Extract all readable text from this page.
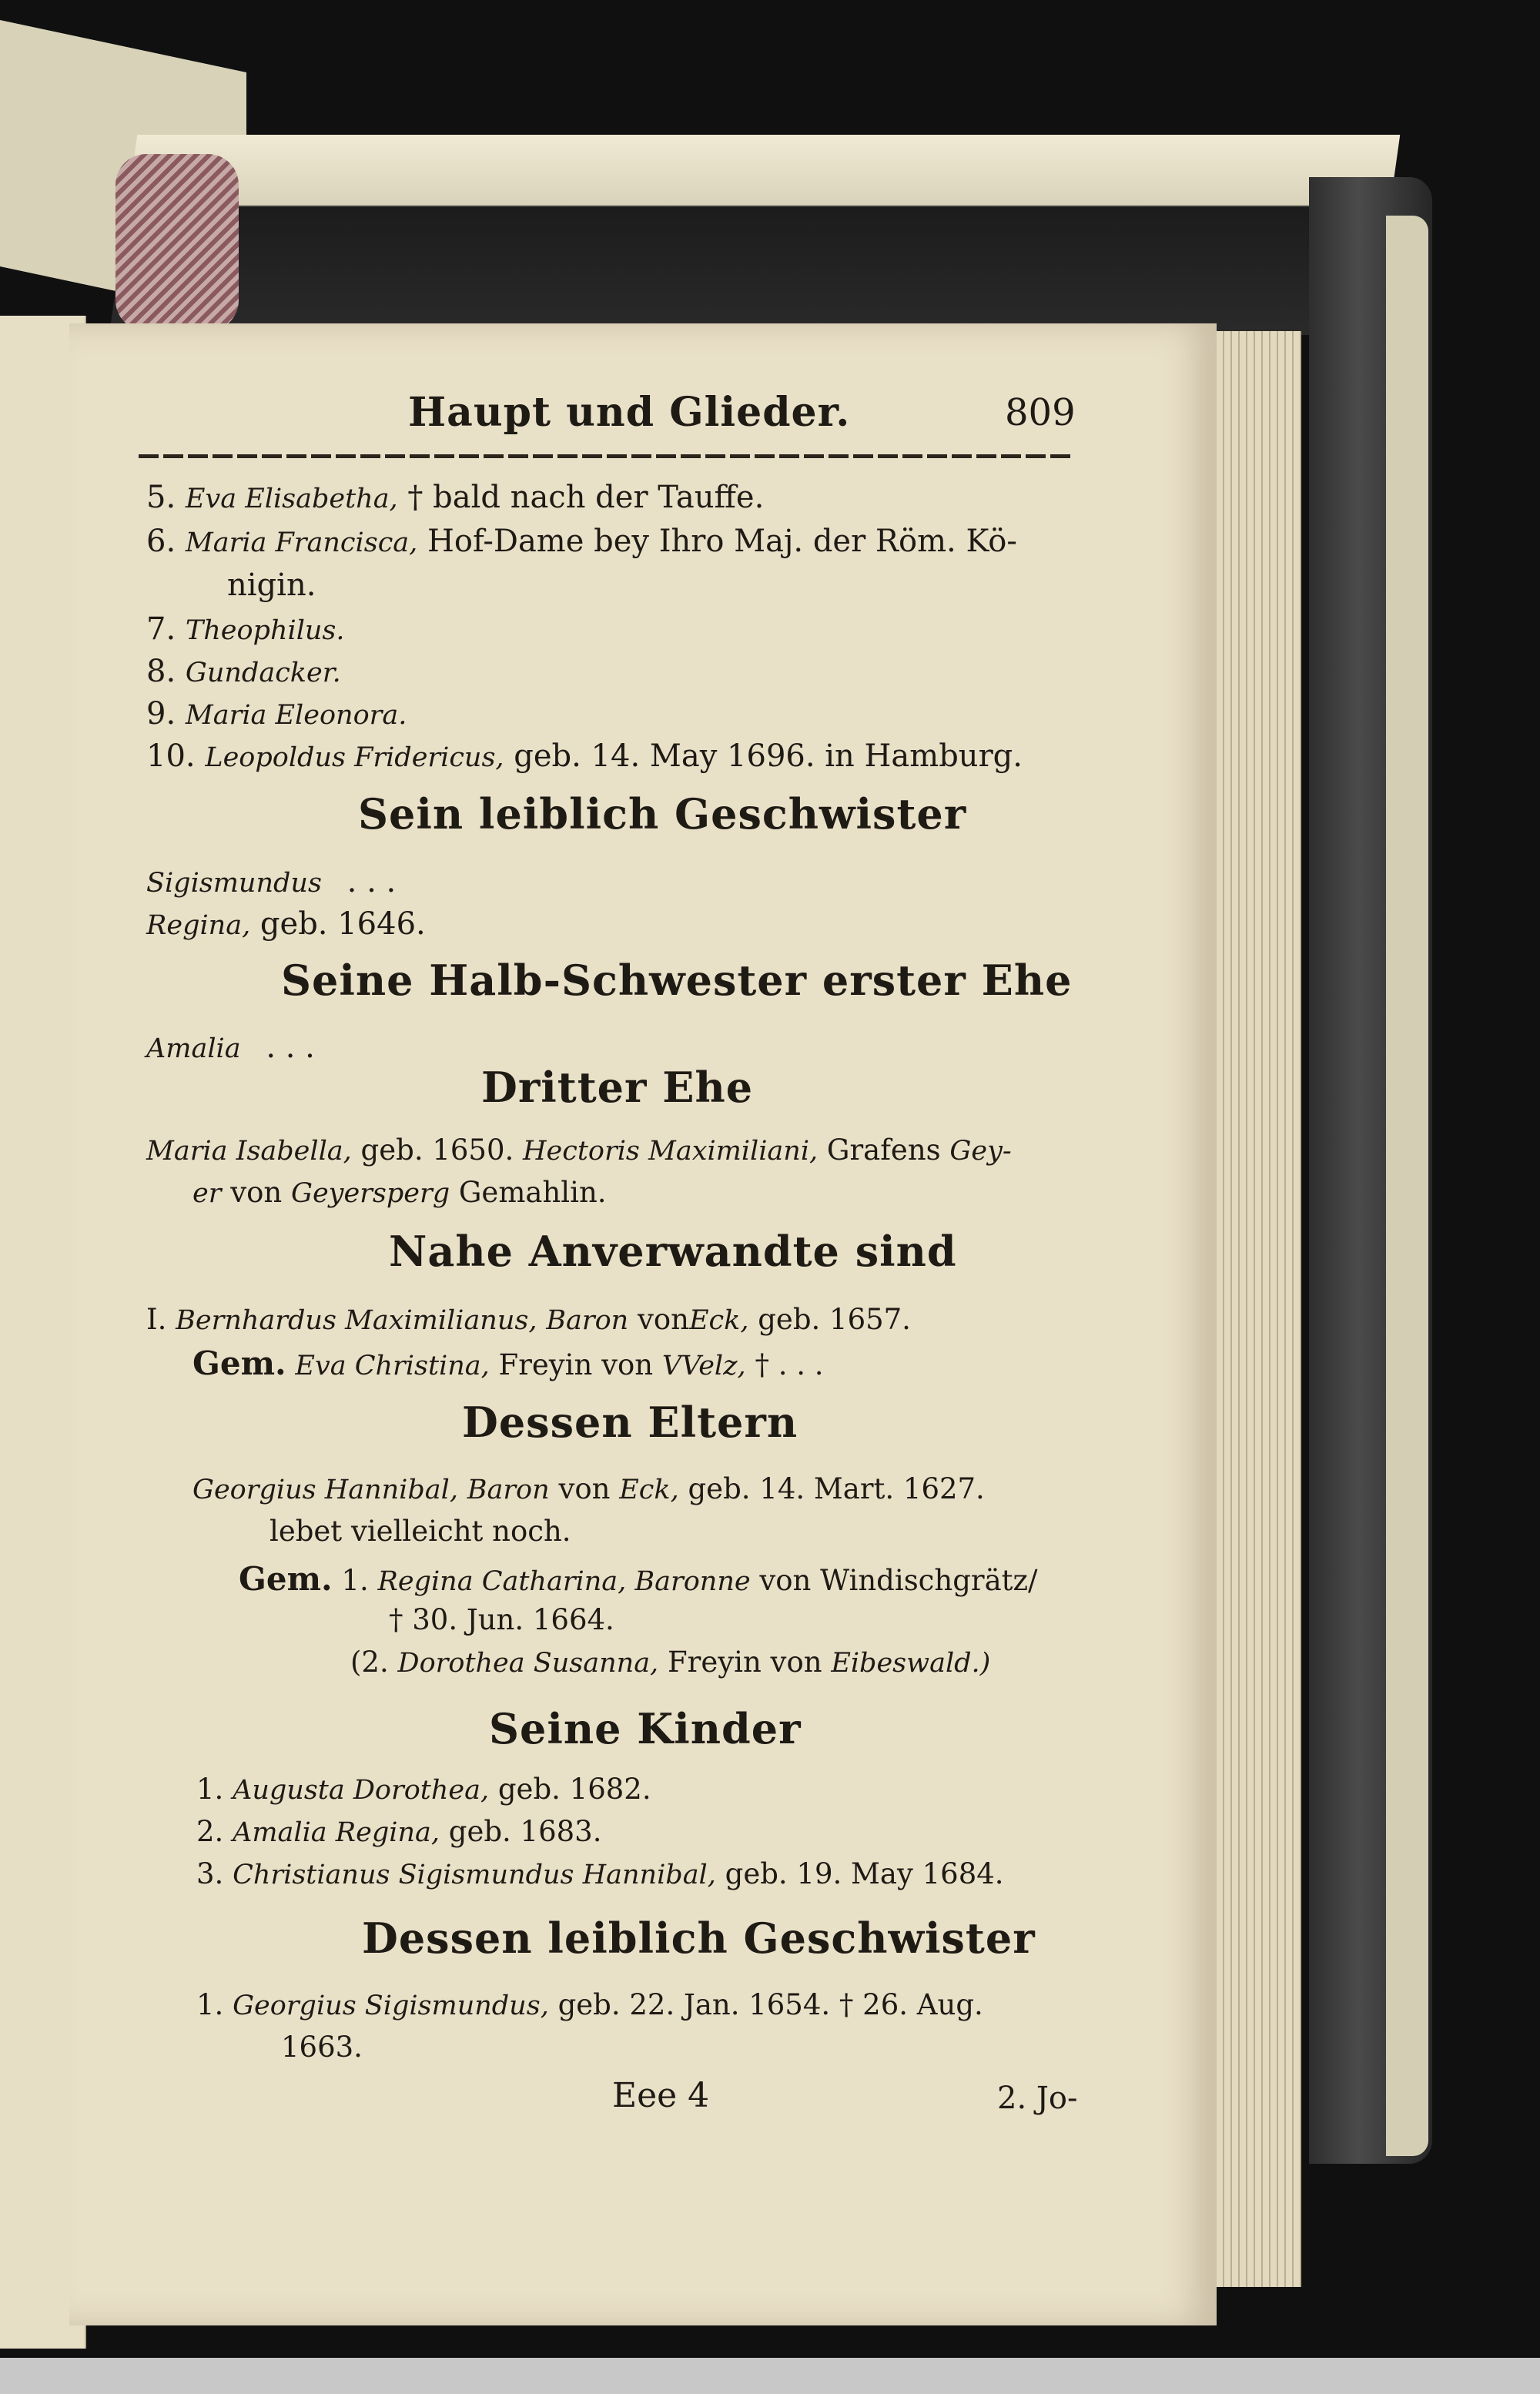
Haupt und Glieder.	809
5. Eva Elisabetha, † bald nach der Tauffe.
6. Maria Francisca, Hof-Dame bey Ihro Maj. der Röm. Kö-
nigin.
7. Theophilus.
8. Gundacker.
9. Maria Eleonora.
10. Leopoldus Fridericus, geb. 14. May 1696. in Hamburg.
Sein leiblich Geschwister
Sigismundus . . .
Regina, geb. 1646.
Seine Halb-Schwester erster Ehe
Amalia . . .
Dritter Ehe
Maria Isabella, geb. 1650. Hectoris Maximiliani, Grafens Gey-
er von Geyersperg Gemahlin.
Nahe Anverwandte sind
I. Bernhardus Maximilianus, Baron vonEck, geb. 1657.
Gem. Eva Christina, Freyin von VVelz, † . . .
Dessen Eltern
Georgius Hannibal, Baron von Eck, geb. 14. Mart. 1627.
lebet vielleicht noch.
Gem. 1. Regina Catharina, Baronne von Windischgrätz/
† 30. Jun. 1664.
(2. Dorothea Susanna, Freyin von Eibeswald.)
Seine Kinder
1. Augusta Dorothea, geb. 1682.
2. Amalia Regina, geb. 1683.
3. Christianus Sigismundus Hannibal, geb. 19. May 1684.
Dessen leiblich Geschwister
1. Georgius Sigismundus, geb. 22. Jan. 1654. † 26. Aug.
1663.
Eee 4	2. Jo-
